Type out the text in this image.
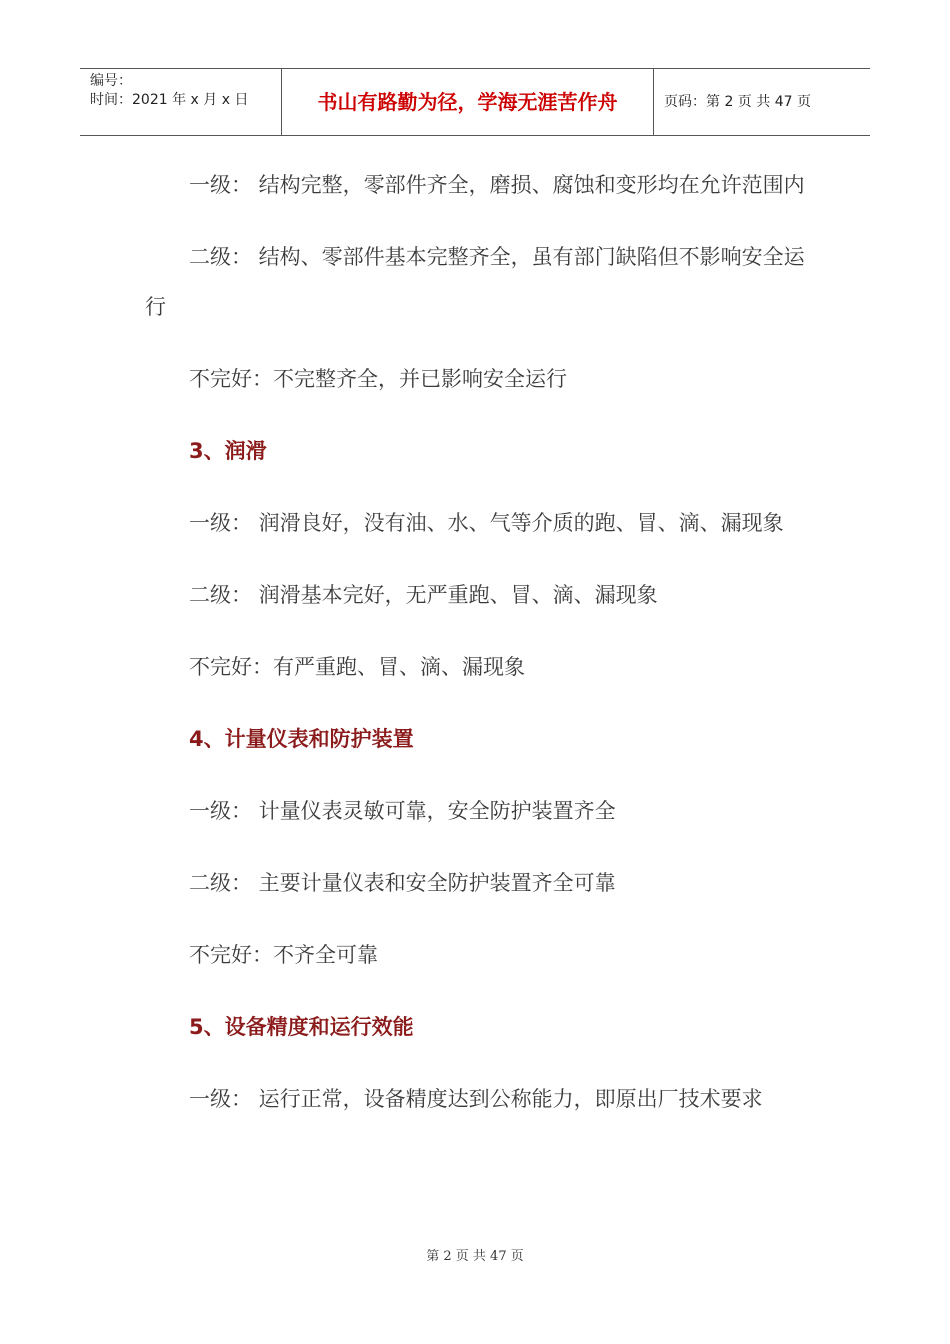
编号：
时间：2021 年 x 月 x 日	书山有路勤为径，学海无涯苦作舟	页码：第 2 页 共 47 页

一级： 结构完整，零部件齐全，磨损、腐蚀和变形均在允许范围内

二级： 结构、零部件基本完整齐全，虽有部门缺陷但不影响安全运行

不完好：不完整齐全，并已影响安全运行

3、润滑

一级： 润滑良好，没有油、水、气等介质的跑、冒、滴、漏现象

二级： 润滑基本完好，无严重跑、冒、滴、漏现象

不完好：有严重跑、冒、滴、漏现象

4、计量仪表和防护装置

一级： 计量仪表灵敏可靠，安全防护装置齐全

二级： 主要计量仪表和安全防护装置齐全可靠

不完好：不齐全可靠

5、设备精度和运行效能

一级： 运行正常，设备精度达到公称能力，即原出厂技术要求

第 2 页 共 47 页
